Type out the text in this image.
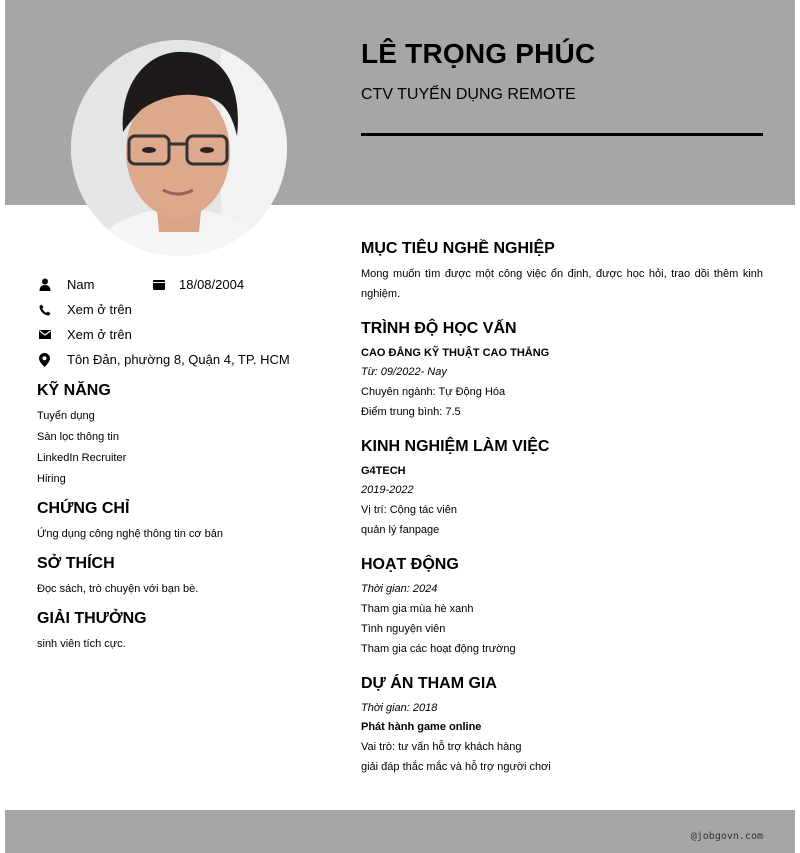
LÊ TRỌNG PHÚC
CTV TUYỂN DỤNG REMOTE
Nam	18/08/2004
Xem ở trên
Xem ở trên
Tôn Đản, phường 8, Quận 4, TP. HCM
KỸ NĂNG
Tuyển dụng
Sàn lọc thông tin
LinkedIn Recruiter
Hiring
CHỨNG CHỈ
Ứng dụng công nghệ thông tin cơ bản
SỞ THÍCH
Đọc sách, trò chuyện với bạn bè.
GIẢI THƯỞNG
sinh viên tích cực.
MỤC TIÊU NGHỀ NGHIỆP
Mong muốn tìm được một công việc ổn định, được học hỏi, trao dồi thêm kinh nghiệm.
TRÌNH ĐỘ HỌC VẤN
CAO ĐẲNG KỸ THUẬT CAO THẮNG
Từ: 09/2022- Nay
Chuyên ngành: Tự Động Hóa
Điểm trung bình: 7.5
KINH NGHIỆM LÀM VIỆC
G4TECH
2019-2022
Vị trí: Cộng tác viên
quản lý fanpage
HOẠT ĐỘNG
Thời gian: 2024
Tham gia mùa hè xanh
Tình nguyện viên
Tham gia các hoạt động trường
DỰ ÁN THAM GIA
Thời gian: 2018
Phát hành game online
Vai trò: tư vấn hỗ trợ khách hàng
giải đáp thắc mắc và hỗ trợ người chơi
@jobgovn.com
